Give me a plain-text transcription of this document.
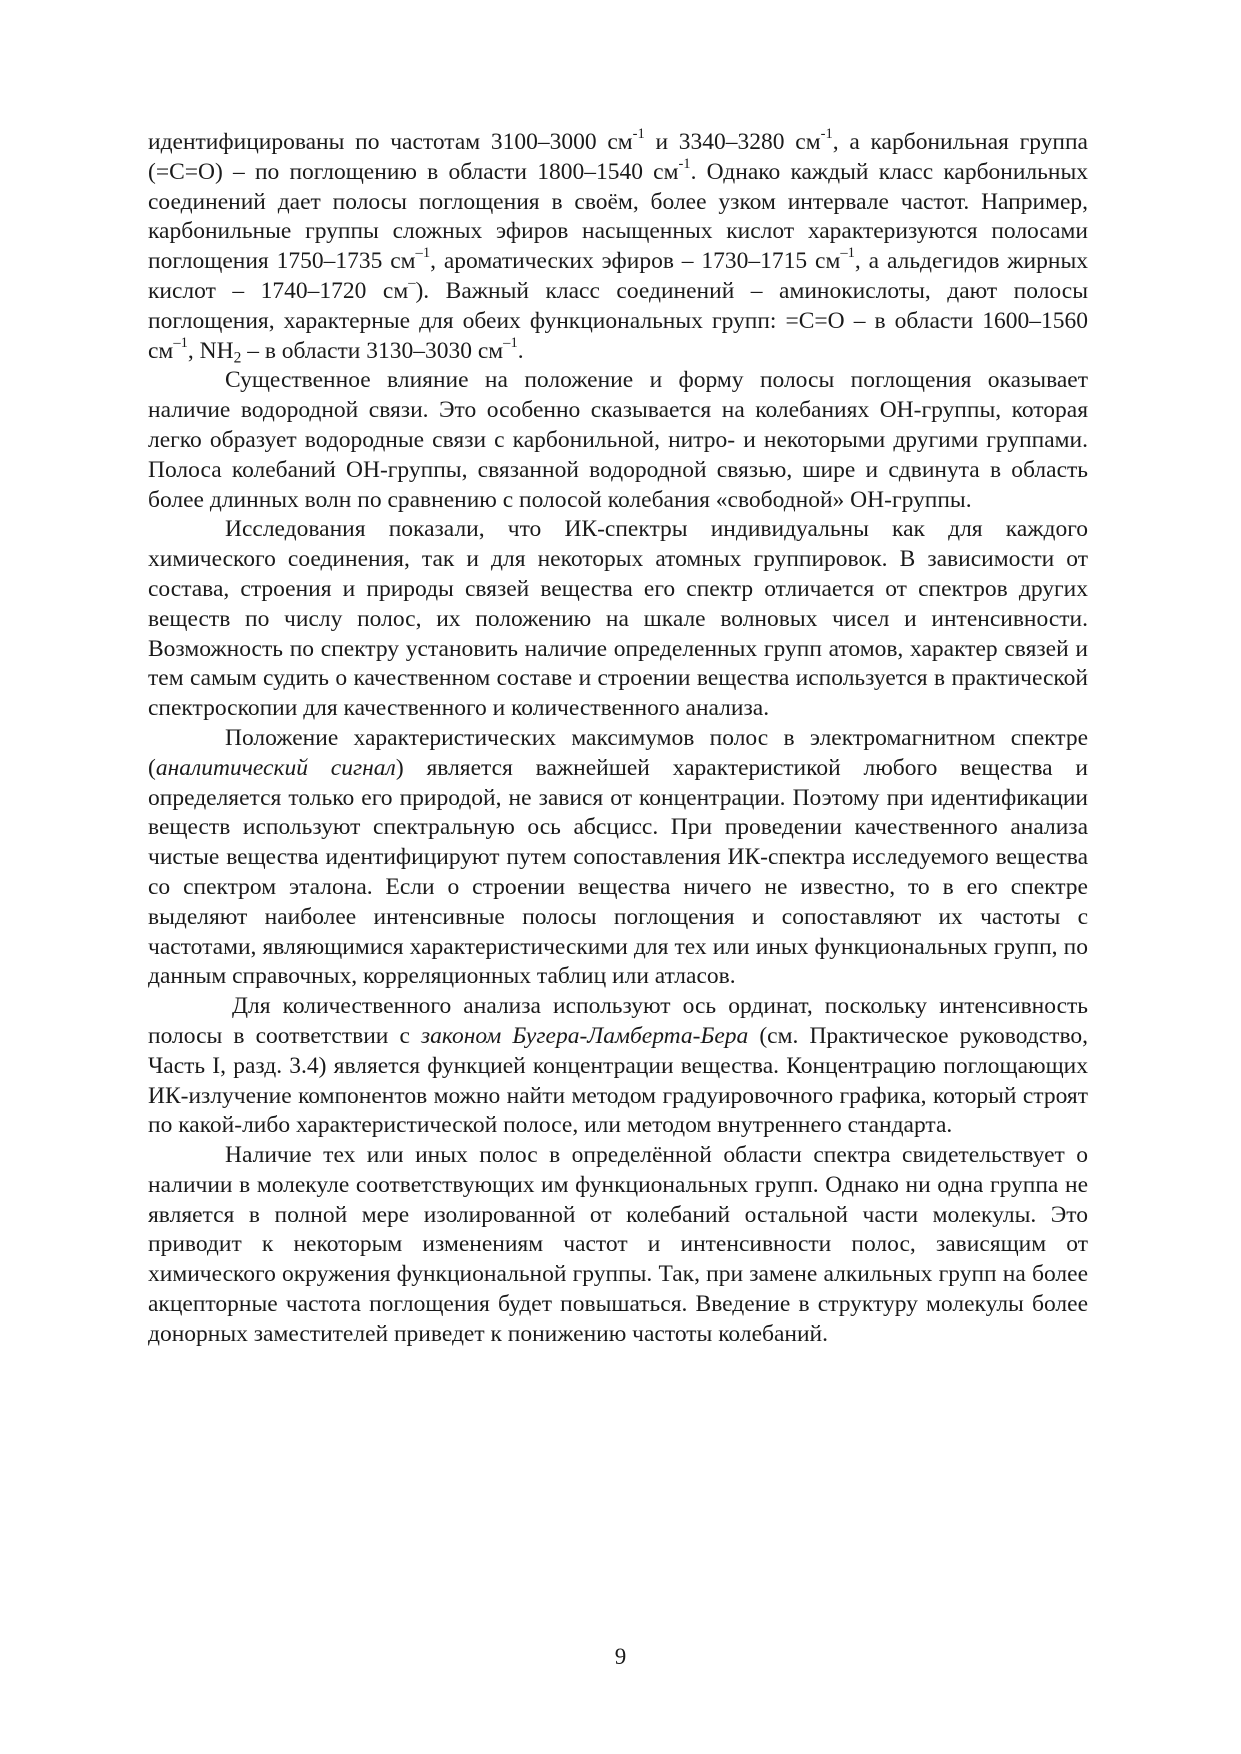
идентифицированы по частотам 3100–3000 $см^{-1}$ и 3340–3280 $см^{-1}$, а карбонильная группа (=С=О) – по поглощению в области 1800–1540 $см^{-1}$. Однако каждый класс карбонильных соединений дает полосы поглощения в своём, более узком интервале частот. Например, карбонильные группы сложных эфиров насыщенных кислот характеризуются полосами поглощения 1750–1735 $см^{-1}$, ароматических эфиров – 1730–1715 $см^{-1}$, а альдегидов жирных кислот – 1740–1720 см–). Важный класс соединений – аминокислоты, дают полосы поглощения, характерные для обеих функциональных групп: =С=О – в области 1600–1560 $см^{-1}$, $NH_2$ – в области 3130–3030 $см^{-1}$.

Существенное влияние на положение и форму полосы поглощения оказывает наличие водородной связи. Это особенно сказывается на колебаниях ОН-группы, которая легко образует водородные связи с карбонильной, нитро- и некоторыми другими группами. Полоса колебаний ОН-группы, связанной водородной связью, шире и сдвинута в область более длинных волн по сравнению с полосой колебания «свободной» ОН-группы.

Исследования показали, что ИК-спектры индивидуальны как для каждого химического соединения, так и для некоторых атомных группировок. В зависимости от состава, строения и природы связей вещества его спектр отличается от спектров других веществ по числу полос, их положению на шкале волновых чисел и интенсивности. Возможность по спектру установить наличие определенных групп атомов, характер связей и тем самым судить о качественном составе и строении вещества используется в практической спектроскопии для качественного и количественного анализа.

Положение характеристических максимумов полос в электромагнитном спектре (аналитический сигнал) является важнейшей характеристикой любого вещества и определяется только его природой, не завися от концентрации. Поэтому при идентификации веществ используют спектральную ось абсцисс. При проведении качественного анализа чистые вещества идентифицируют путем сопоставления ИК-спектра исследуемого вещества со спектром эталона. Если о строении вещества ничего не известно, то в его спектре выделяют наиболее интенсивные полосы поглощения и сопоставляют их частоты с частотами, являющимися характеристическими для тех или иных функциональных групп, по данным справочных, корреляционных таблиц или атласов.

Для количественного анализа используют ось ординат, поскольку интенсивность полосы в соответствии с законом Бугера-Ламберта-Бера (см. Практическое руководство, Часть I, разд. 3.4) является функцией концентрации вещества. Концентрацию поглощающих ИК-излучение компонентов можно найти методом градуировочного графика, который строят по какой-либо характеристической полосе, или методом внутреннего стандарта.

Наличие тех или иных полос в определённой области спектра свидетельствует о наличии в молекуле соответствующих им функциональных групп. Однако ни одна группа не является в полной мере изолированной от колебаний остальной части молекулы. Это приводит к некоторым изменениям частот и интенсивности полос, зависящим от химического окружения функциональной группы. Так, при замене алкильных групп на более акцепторные частота поглощения будет повышаться. Введение в структуру молекулы более донорных заместителей приведет к понижению частоты колебаний.

9
